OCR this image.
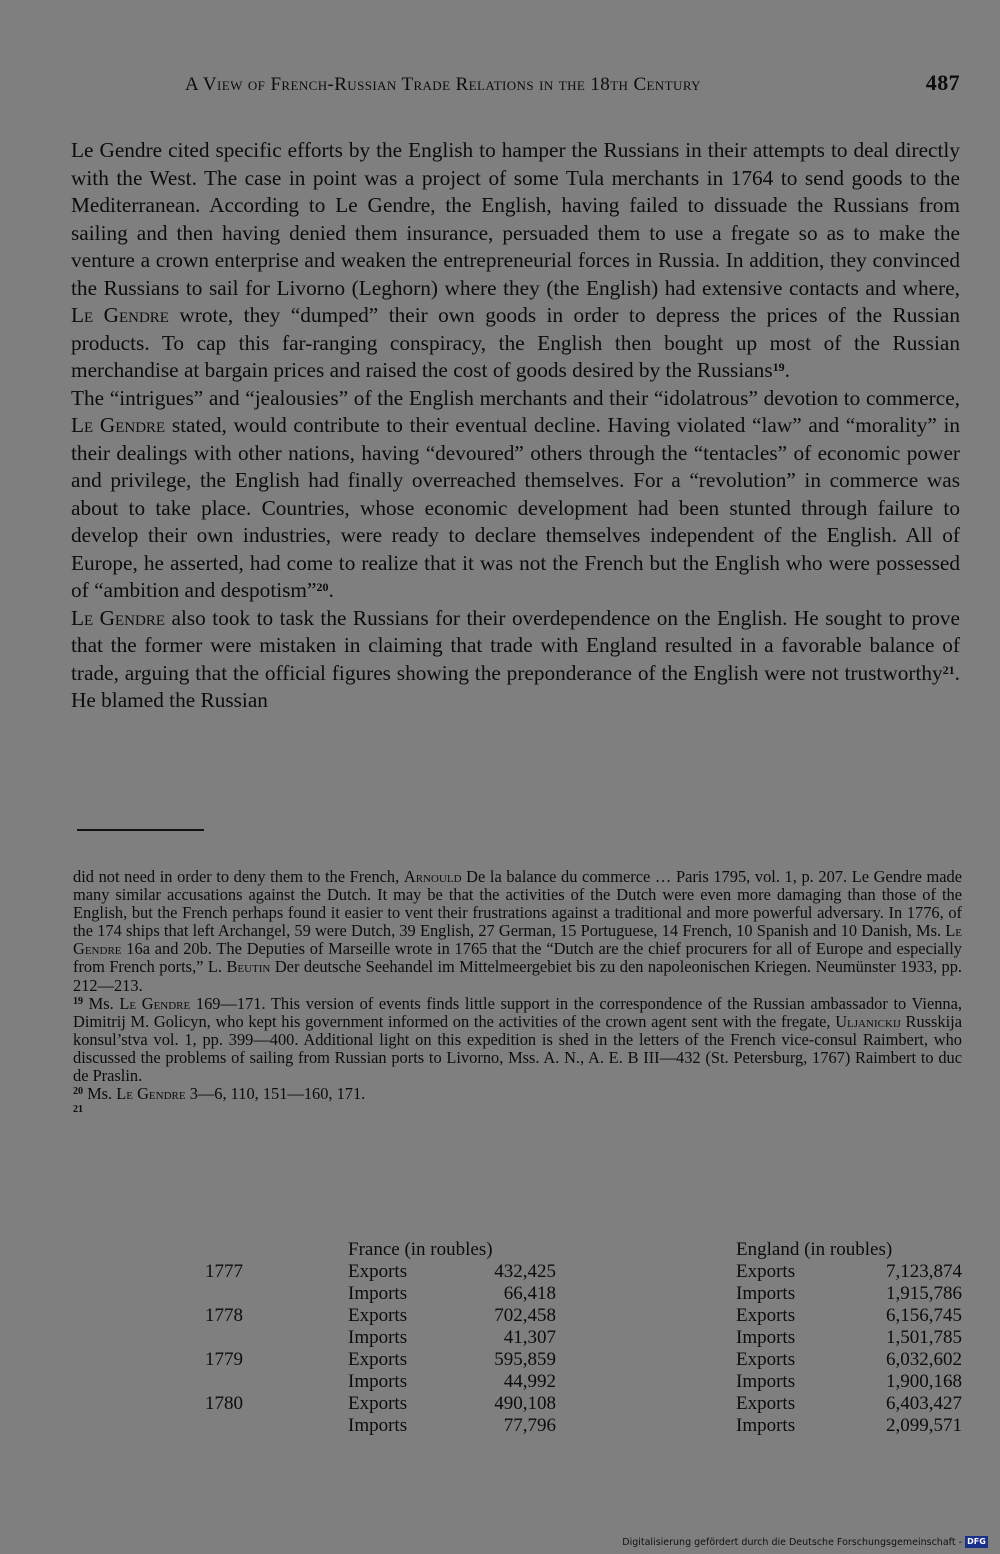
A View of French-Russian Trade Relations in the 18th Century	487

Le Gendre cited specific efforts by the English to hamper the Russians in their attempts to deal directly with the West. The case in point was a project of some Tula merchants in 1764 to send goods to the Mediterranean. According to Le Gendre, the English, having failed to dissuade the Russians from sailing and then having denied them insurance, persuaded them to use a fregate so as to make the venture a crown enterprise and weaken the entrepreneurial forces in Russia. In addition, they convinced the Russians to sail for Livorno (Leghorn) where they (the English) had extensive contacts and where, Le Gendre wrote, they “dumped” their own goods in order to depress the prices of the Russian products. To cap this far-ranging conspiracy, the English then bought up most of the Russian merchandise at bargain prices and raised the cost of goods desired by the Russians$^{19}$.

The “intrigues” and “jealousies” of the English merchants and their “idolatrous” devotion to commerce, Le Gendre stated, would contribute to their eventual decline. Having violated “law” and “morality” in their dealings with other nations, having “devoured” others through the “tentacles” of economic power and privilege, the English had finally overreached themselves. For a “revolution” in commerce was about to take place. Countries, whose economic development had been stunted through failure to develop their own industries, were ready to declare themselves independent of the English. All of Europe, he asserted, had come to realize that it was not the French but the English who were possessed of “ambition and despotism”$^{20}$.

Le Gendre also took to task the Russians for their overdependence on the English. He sought to prove that the former were mistaken in claiming that trade with England resulted in a favorable balance of trade, arguing that the official figures showing the preponderance of the English were not trustworthy$^{21}$. He blamed the Russian

did not need in order to deny them to the French, Arnould De la balance du commerce … Paris 1795, vol. 1, p. 207. Le Gendre made many similar accusations against the Dutch. It may be that the activities of the Dutch were even more damaging than those of the English, but the French perhaps found it easier to vent their frustrations against a traditional and more powerful adversary. In 1776, of the 174 ships that left Archangel, 59 were Dutch, 39 English, 27 German, 15 Portuguese, 14 French, 10 Spanish and 10 Danish, Ms. Le Gendre 16a and 20b. The Deputies of Marseille wrote in 1765 that the “Dutch are the chief procurers for all of Europe and especially from French ports,” L. Beutin Der deutsche Seehandel im Mittelmeergebiet bis zu den napoleonischen Kriegen. Neumünster 1933, pp. 212—213.

$^{19}$ Ms. Le Gendre 169—171. This version of events finds little support in the correspondence of the Russian ambassador to Vienna, Dimitrij M. Golicyn, who kept his government informed on the activities of the crown agent sent with the fregate, Uljanickij Russkija konsul’stva vol. 1, pp. 399—400. Additional light on this expedition is shed in the letters of the French vice-consul Raimbert, who discussed the problems of sailing from Russian ports to Livorno, Mss. A. N., A. E. B III—432 (St. Petersburg, 1767) Raimbert to duc de Praslin.

$^{20}$ Ms. Le Gendre 3—6, 110, 151—160, 171.

$^{21}$

France (in roubles)	England (in roubles)
1777	Exports	432,425	Exports	7,123,874
Imports	66,418	Imports	1,915,786
1778	Exports	702,458	Exports	6,156,745
Imports	41,307	Imports	1,501,785
1779	Exports	595,859	Exports	6,032,602
Imports	44,992	Imports	1,900,168
1780	Exports	490,108	Exports	6,403,427
Imports	77,796	Imports	2,099,571
Digitalisierung gefördert durch die Deutsche Forschungsgemeinschaft - DFG
